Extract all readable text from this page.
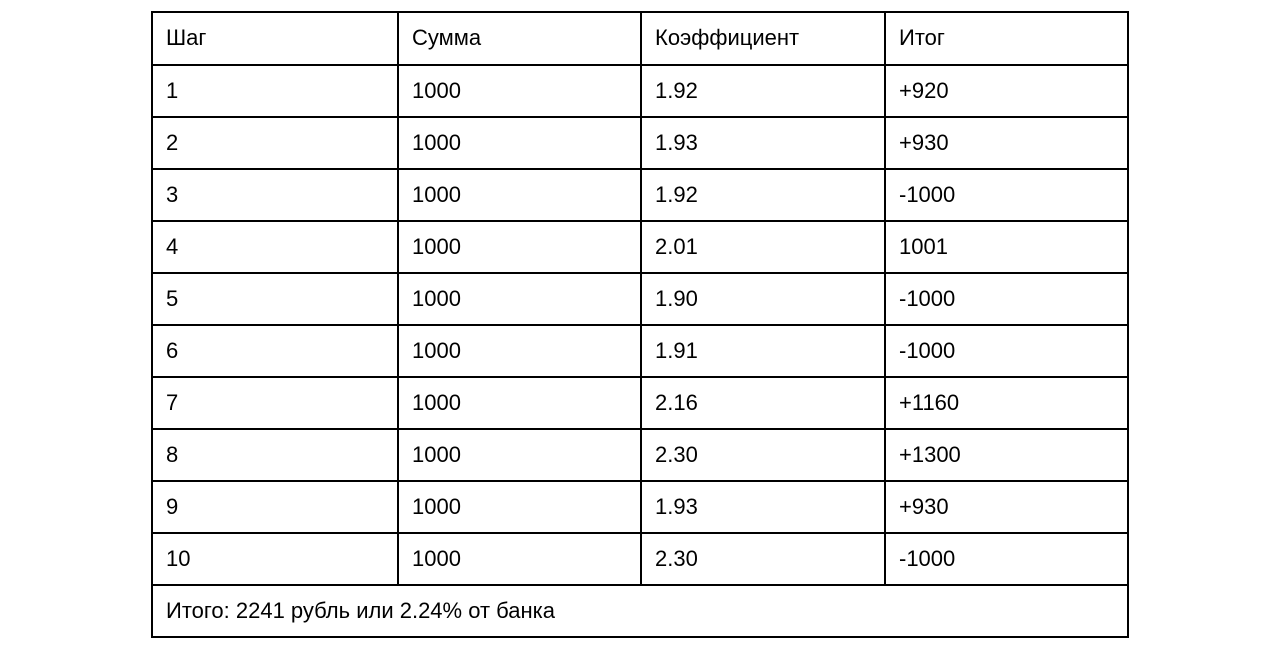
Шаг	Сумма	Коэффициент	Итог
1	1000	1.92	+920
2	1000	1.93	+930
3	1000	1.92	-1000
4	1000	2.01	1001
5	1000	1.90	-1000
6	1000	1.91	-1000
7	1000	2.16	+1160
8	1000	2.30	+1300
9	1000	1.93	+930
10	1000	2.30	-1000
Итого: 2241 рубль или 2.24% от банка			
